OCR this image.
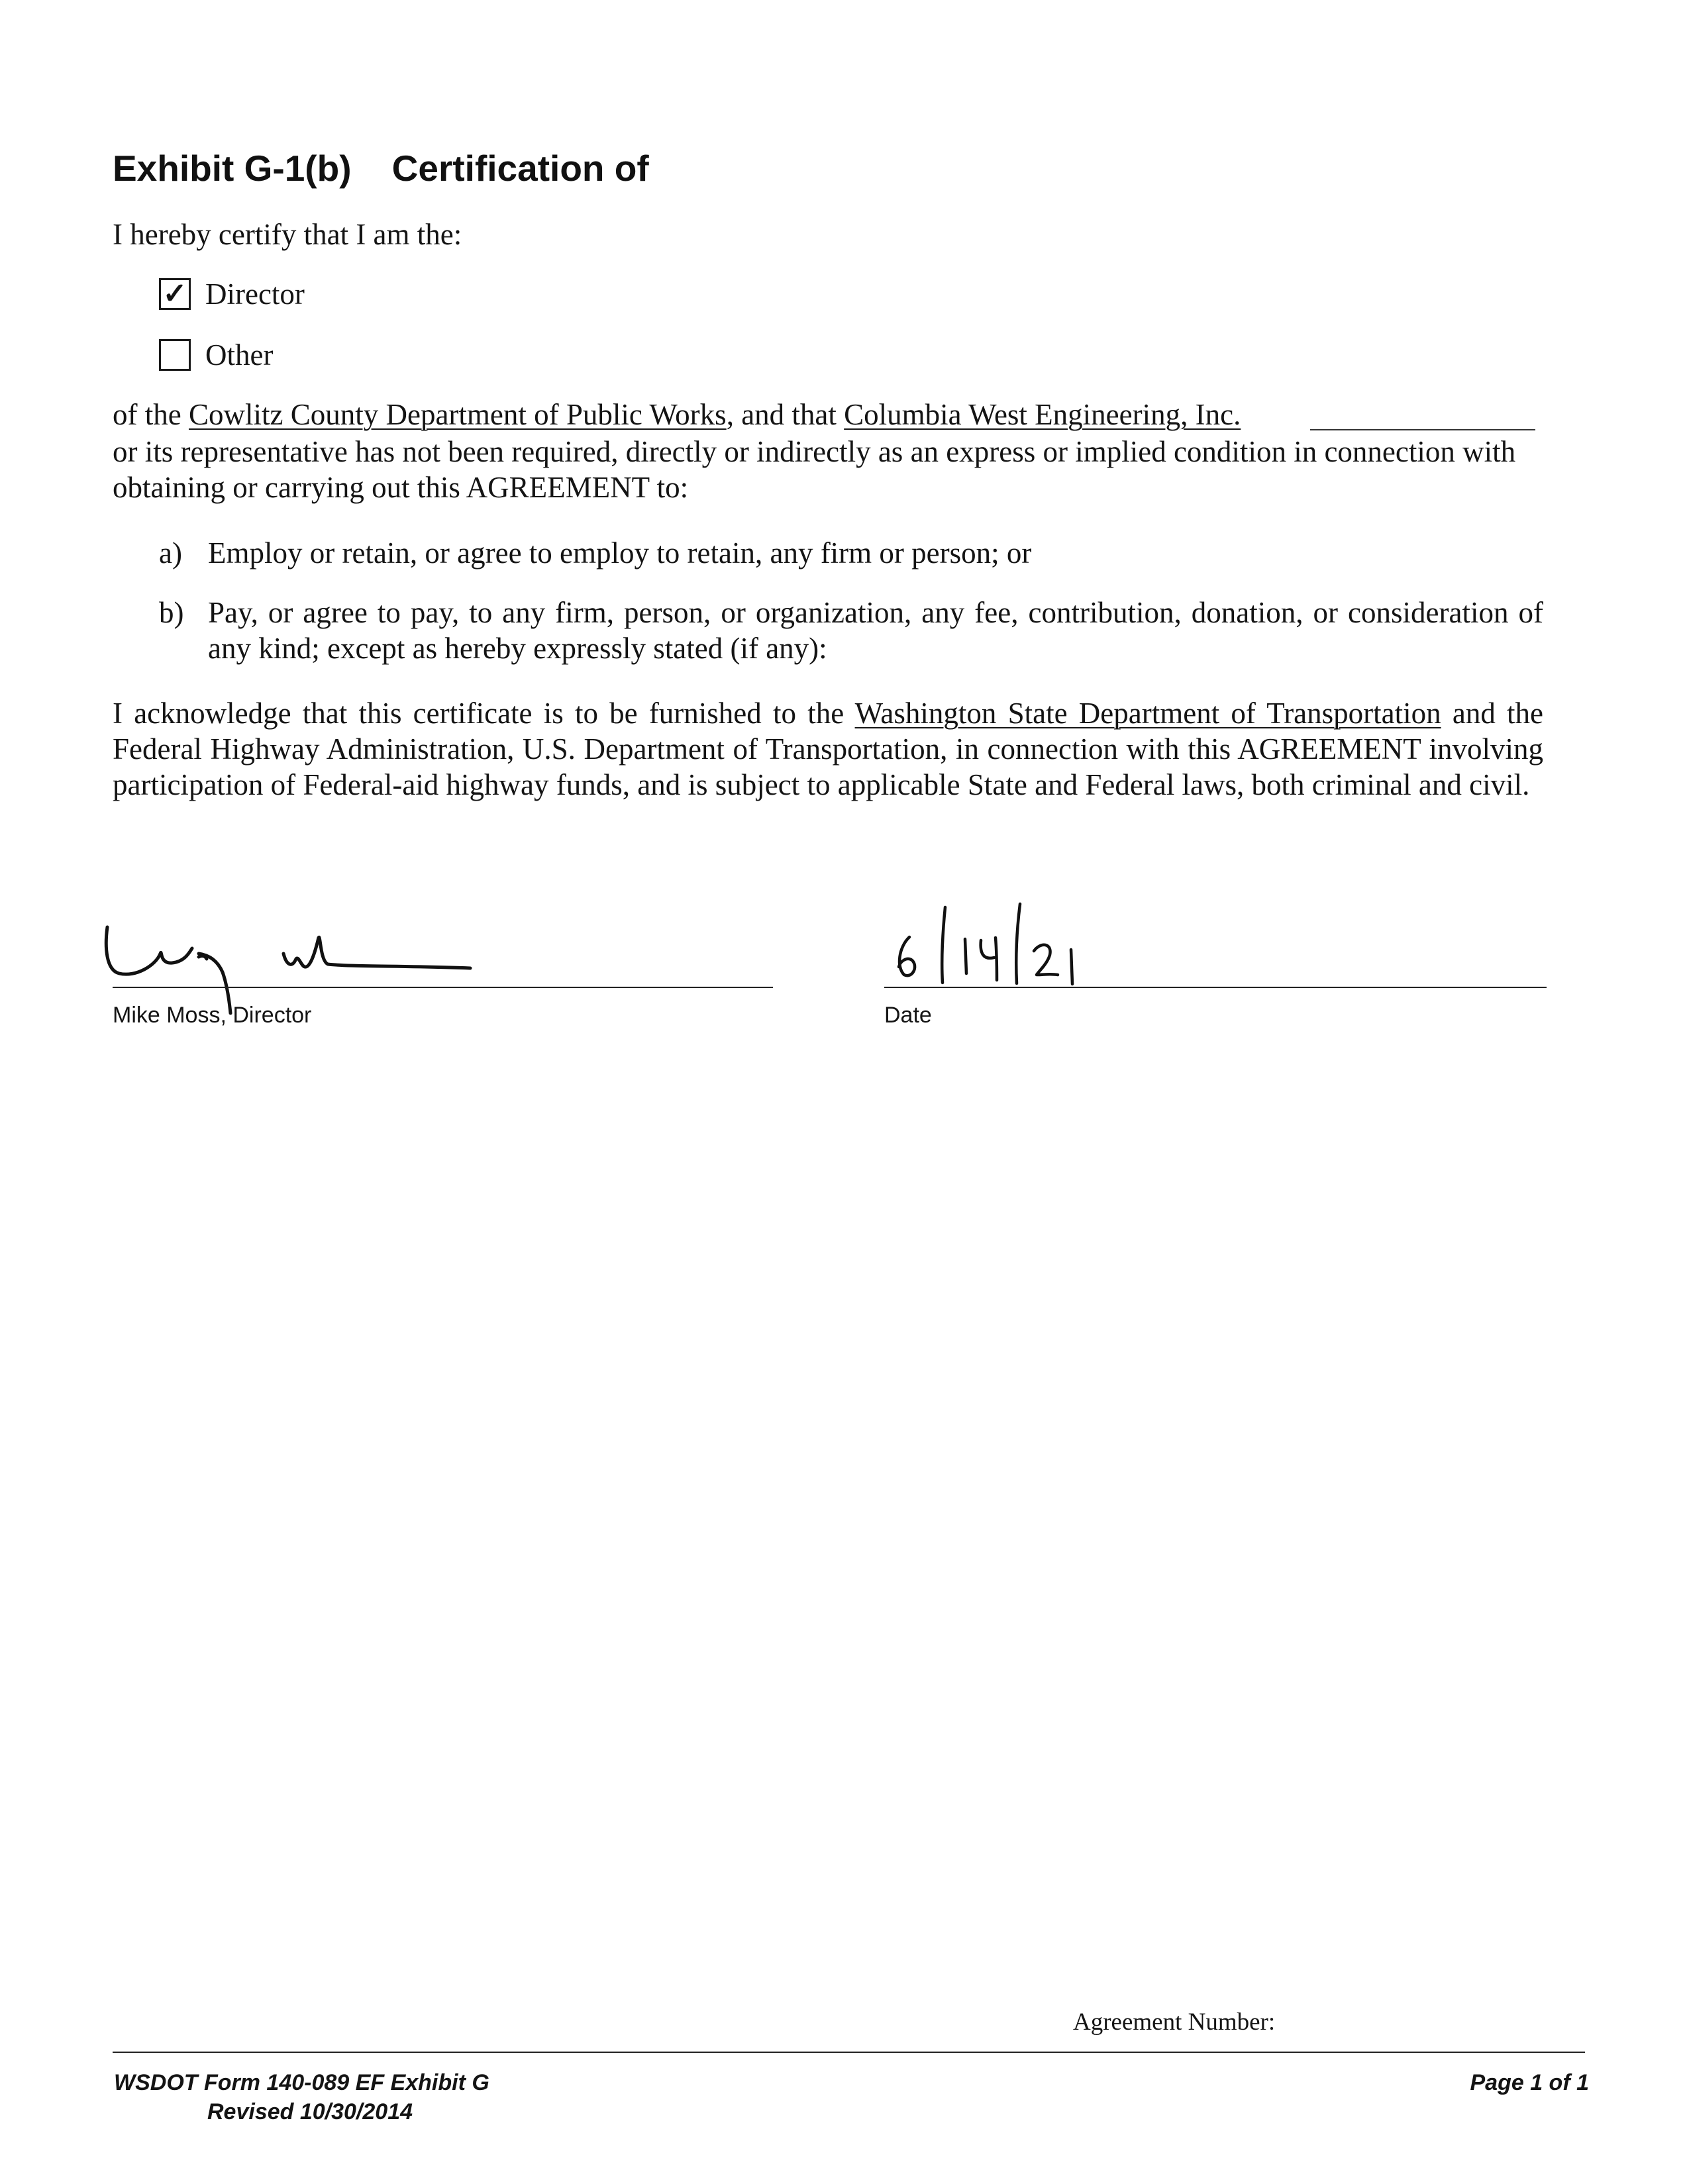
Exhibit G-1(b)    Certification of
I hereby certify that I am the:
✓ Director
Other
of the Cowlitz County Department of Public Works, and that Columbia West Engineering, Inc.
or its representative has not been required, directly or indirectly as an express or implied condition in connection with obtaining or carrying out this AGREEMENT to:
a) Employ or retain, or agree to employ to retain, any firm or person; or
b) Pay, or agree to pay, to any firm, person, or organization, any fee, contribution, donation, or consideration of any kind; except as hereby expressly stated (if any):
I acknowledge that this certificate is to be furnished to the Washington State Department of Transportation and the Federal Highway Administration, U.S. Department of Transportation, in connection with this AGREEMENT involving participation of Federal-aid highway funds, and is subject to applicable State and Federal laws, both criminal and civil.
Mike Moss, Director	Date
Agreement Number:
WSDOT Form 140-089 EF Exhibit G
Revised 10/30/2014
Page 1 of 1
